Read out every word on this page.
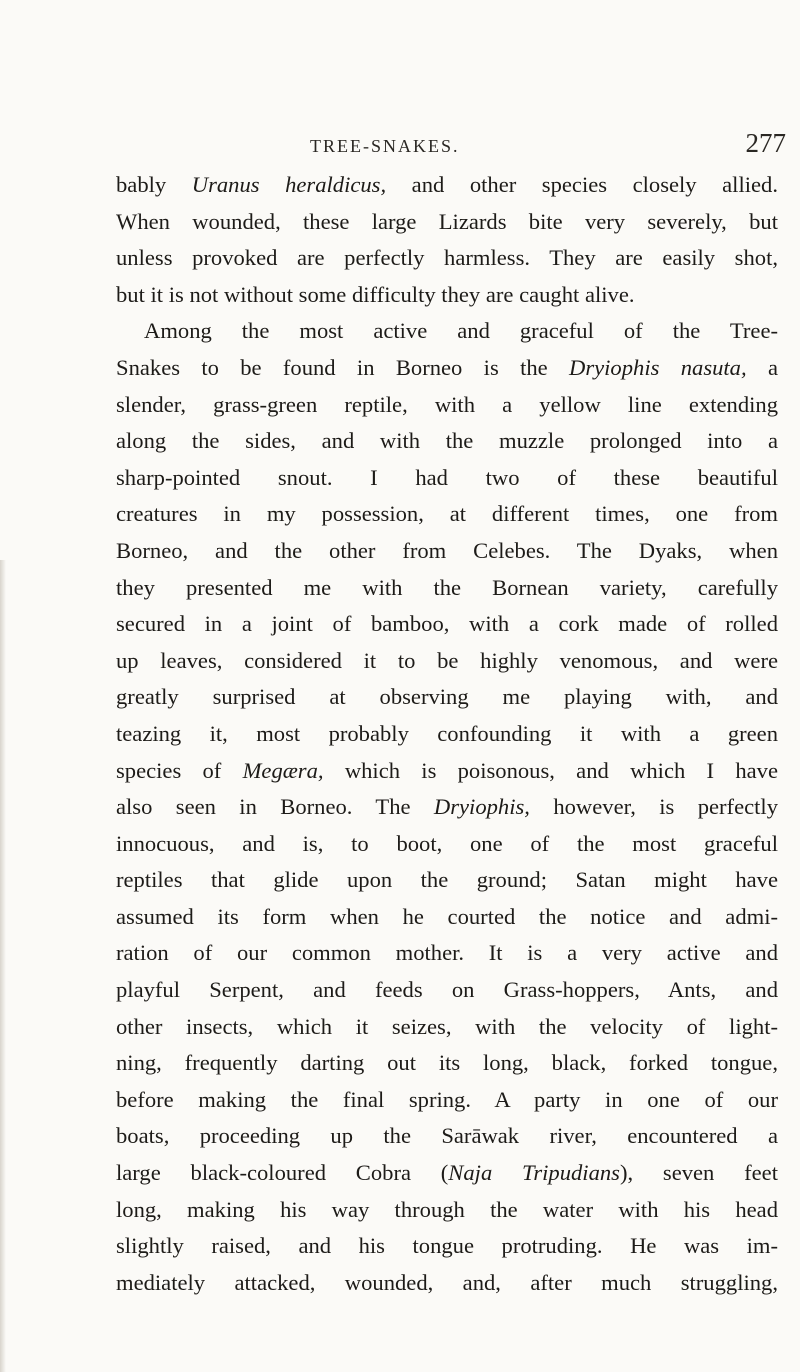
TREE-SNAKES.	277
bably Uranus heraldicus, and other species closely allied.
When wounded, these large Lizards bite very severely, but
unless provoked are perfectly harmless. They are easily shot,
but it is not without some difficulty they are caught alive.
Among the most active and graceful of the Tree-
Snakes to be found in Borneo is the Dryiophis nasuta, a
slender, grass-green reptile, with a yellow line extending
along the sides, and with the muzzle prolonged into a
sharp-pointed snout. I had two of these beautiful
creatures in my possession, at different times, one from
Borneo, and the other from Celebes. The Dyaks, when
they presented me with the Bornean variety, carefully
secured in a joint of bamboo, with a cork made of rolled
up leaves, considered it to be highly venomous, and were
greatly surprised at observing me playing with, and
teazing it, most probably confounding it with a green
species of Megæra, which is poisonous, and which I have
also seen in Borneo. The Dryiophis, however, is perfectly
innocuous, and is, to boot, one of the most graceful
reptiles that glide upon the ground; Satan might have
assumed its form when he courted the notice and admi-
ration of our common mother. It is a very active and
playful Serpent, and feeds on Grass-hoppers, Ants, and
other insects, which it seizes, with the velocity of light-
ning, frequently darting out its long, black, forked tongue,
before making the final spring. A party in one of our
boats, proceeding up the Sarāwak river, encountered a
large black-coloured Cobra (Naja Tripudians), seven feet
long, making his way through the water with his head
slightly raised, and his tongue protruding. He was im-
mediately attacked, wounded, and, after much struggling,
